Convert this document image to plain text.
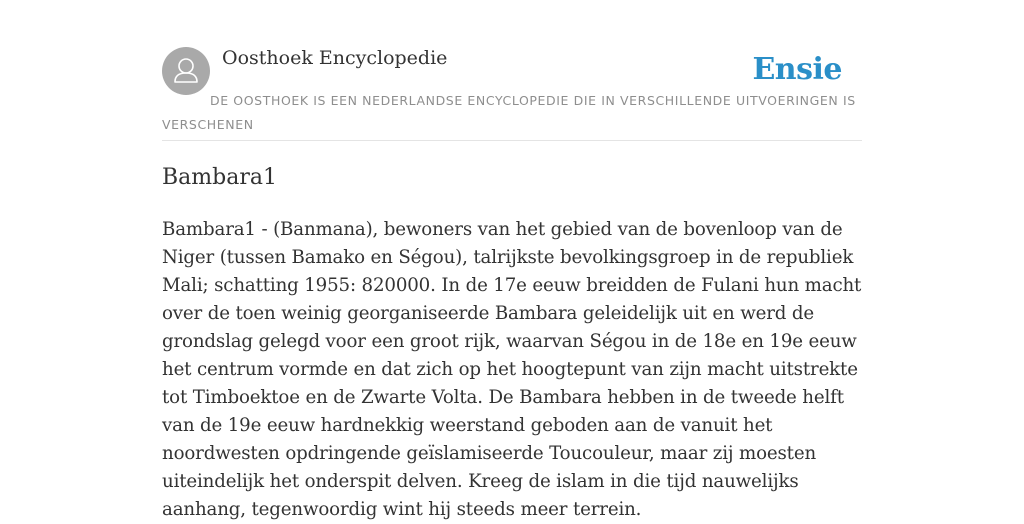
Oosthoek Encyclopedie	Ensie
DE OOSTHOEK IS EEN NEDERLANDSE ENCYCLOPEDIE DIE IN VERSCHILLENDE UITVOERINGEN IS VERSCHENEN
Bambara1

Bambara1 - (Banmana), bewoners van het gebied van de bovenloop van de Niger (tussen Bamako en Ségou), talrijkste bevolkingsgroep in de republiek Mali; schatting 1955: 820000. In de 17e eeuw breidden de Fulani hun macht over de toen weinig georganiseerde Bambara geleidelijk uit en werd de grondslag gelegd voor een groot rijk, waarvan Ségou in de 18e en 19e eeuw het centrum vormde en dat zich op het hoogtepunt van zijn macht uitstrekte tot Timboektoe en de Zwarte Volta. De Bambara hebben in de tweede helft van de 19e eeuw hardnekkig weerstand geboden aan de vanuit het noordwesten opdringende geïslamiseerde Toucouleur, maar zij moesten uiteindelijk het onderspit delven. Kreeg de islam in die tijd nauwelijks aanhang, tegenwoordig wint hij steeds meer terrein.
